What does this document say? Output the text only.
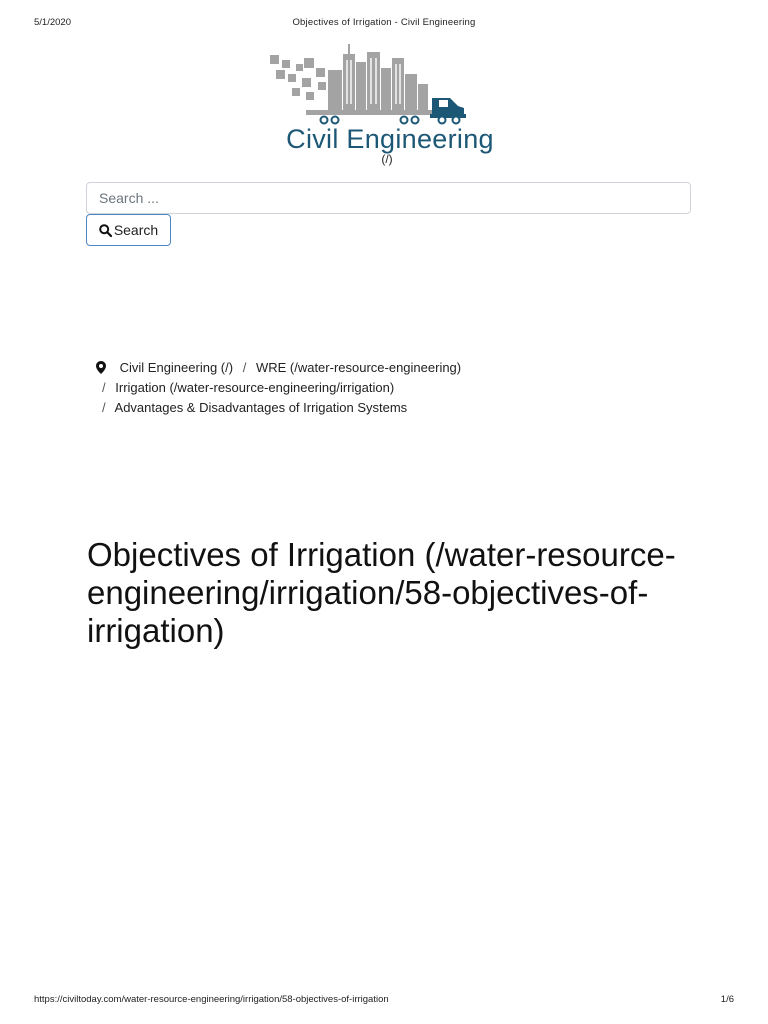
5/1/2020	Objectives of Irrigation - Civil Engineering
Civil Engineering
(/)
Search ...
Search
Civil Engineering (/) / WRE (/water-resource-engineering)
/ Irrigation (/water-resource-engineering/irrigation)
/ Advantages & Disadvantages of Irrigation Systems
Objectives of Irrigation (/water-resource-engineering/irrigation/58-objectives-of-irrigation)
https://civiltoday.com/water-resource-engineering/irrigation/58-objectives-of-irrigation	1/6
